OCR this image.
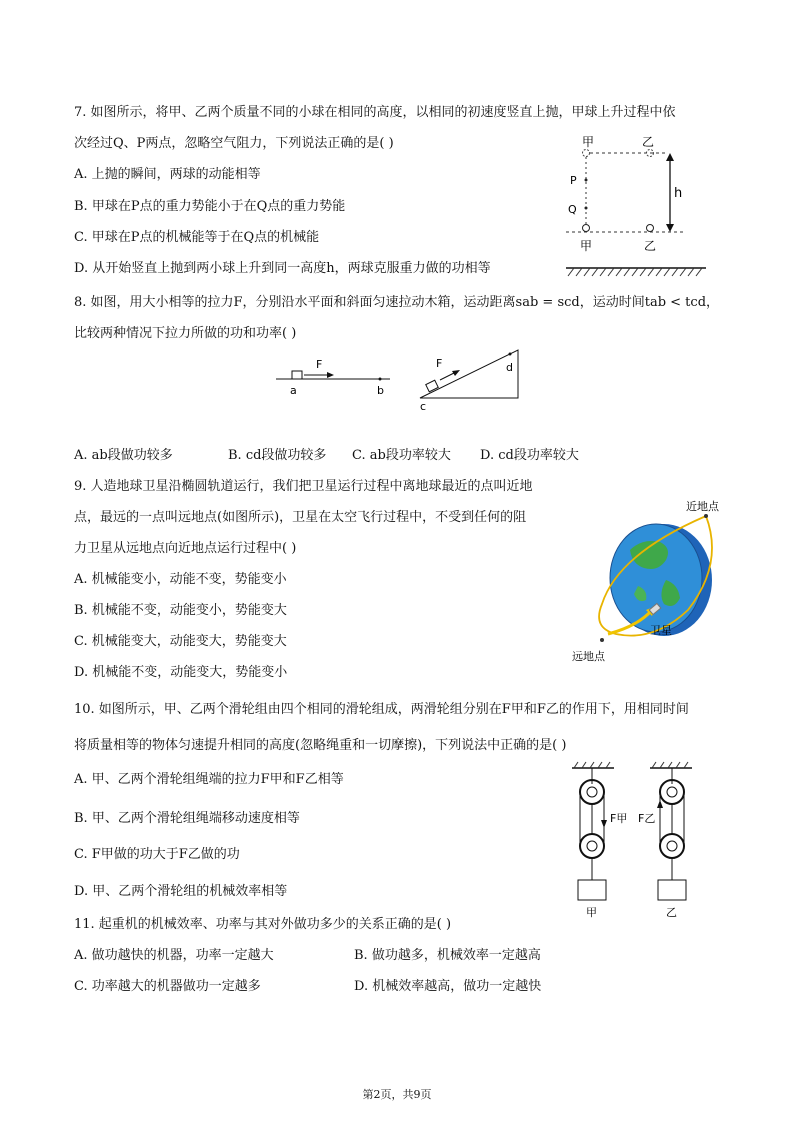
7. 如图所示，将甲、乙两个质量不同的小球在相同的高度，以相同的初速度竖直上抛，甲球上升过程中依
次经过Q、P两点，忽略空气阻力，下列说法正确的是( )
A. 上抛的瞬间，两球的动能相等
B. 甲球在P点的重力势能小于在Q点的重力势能
C. 甲球在P点的机械能等于在Q点的机械能
D. 从开始竖直上抛到两小球上升到同一高度h，两球克服重力做的功相等
甲	乙
P
Q
h
甲	乙
8. 如图，用大小相等的拉力F，分别沿水平面和斜面匀速拉动木箱，运动距离sab = scd，运动时间tab < tcd，
比较两种情况下拉力所做的功和功率( )
F
a	b
F
c
d
A. ab段做功较多	B. cd段做功较多 C. ab段功率较大 D. cd段功率较大
9. 人造地球卫星沿椭圆轨道运行，我们把卫星运行过程中离地球最近的点叫近地
点，最远的一点叫远地点(如图所示)，卫星在太空飞行过程中，不受到任何的阻
力卫星从远地点向近地点运行过程中( )
A. 机械能变小，动能不变，势能变小
B. 机械能不变，动能变小，势能变大
C. 机械能变大，动能变大，势能变大
D. 机械能不变，动能变大，势能变小
近地点
卫星
远地点
10. 如图所示，甲、乙两个滑轮组由四个相同的滑轮组成，两滑轮组分别在F甲和F乙的作用下，用相同时间
将质量相等的物体匀速提升相同的高度(忽略绳重和一切摩擦)，下列说法中正确的是( )
A. 甲、乙两个滑轮组绳端的拉力F甲和F乙相等
B. 甲、乙两个滑轮组绳端移动速度相等
C. F甲做的功大于F乙做的功
D. 甲、乙两个滑轮组的机械效率相等
F甲
甲
F乙
乙
11. 起重机的机械效率、功率与其对外做功多少的关系正确的是( )
A. 做功越快的机器，功率一定越大	B. 做功越多，机械效率一定越高
C. 功率越大的机器做功一定越多	D. 机械效率越高，做功一定越快
第2页，共9页
